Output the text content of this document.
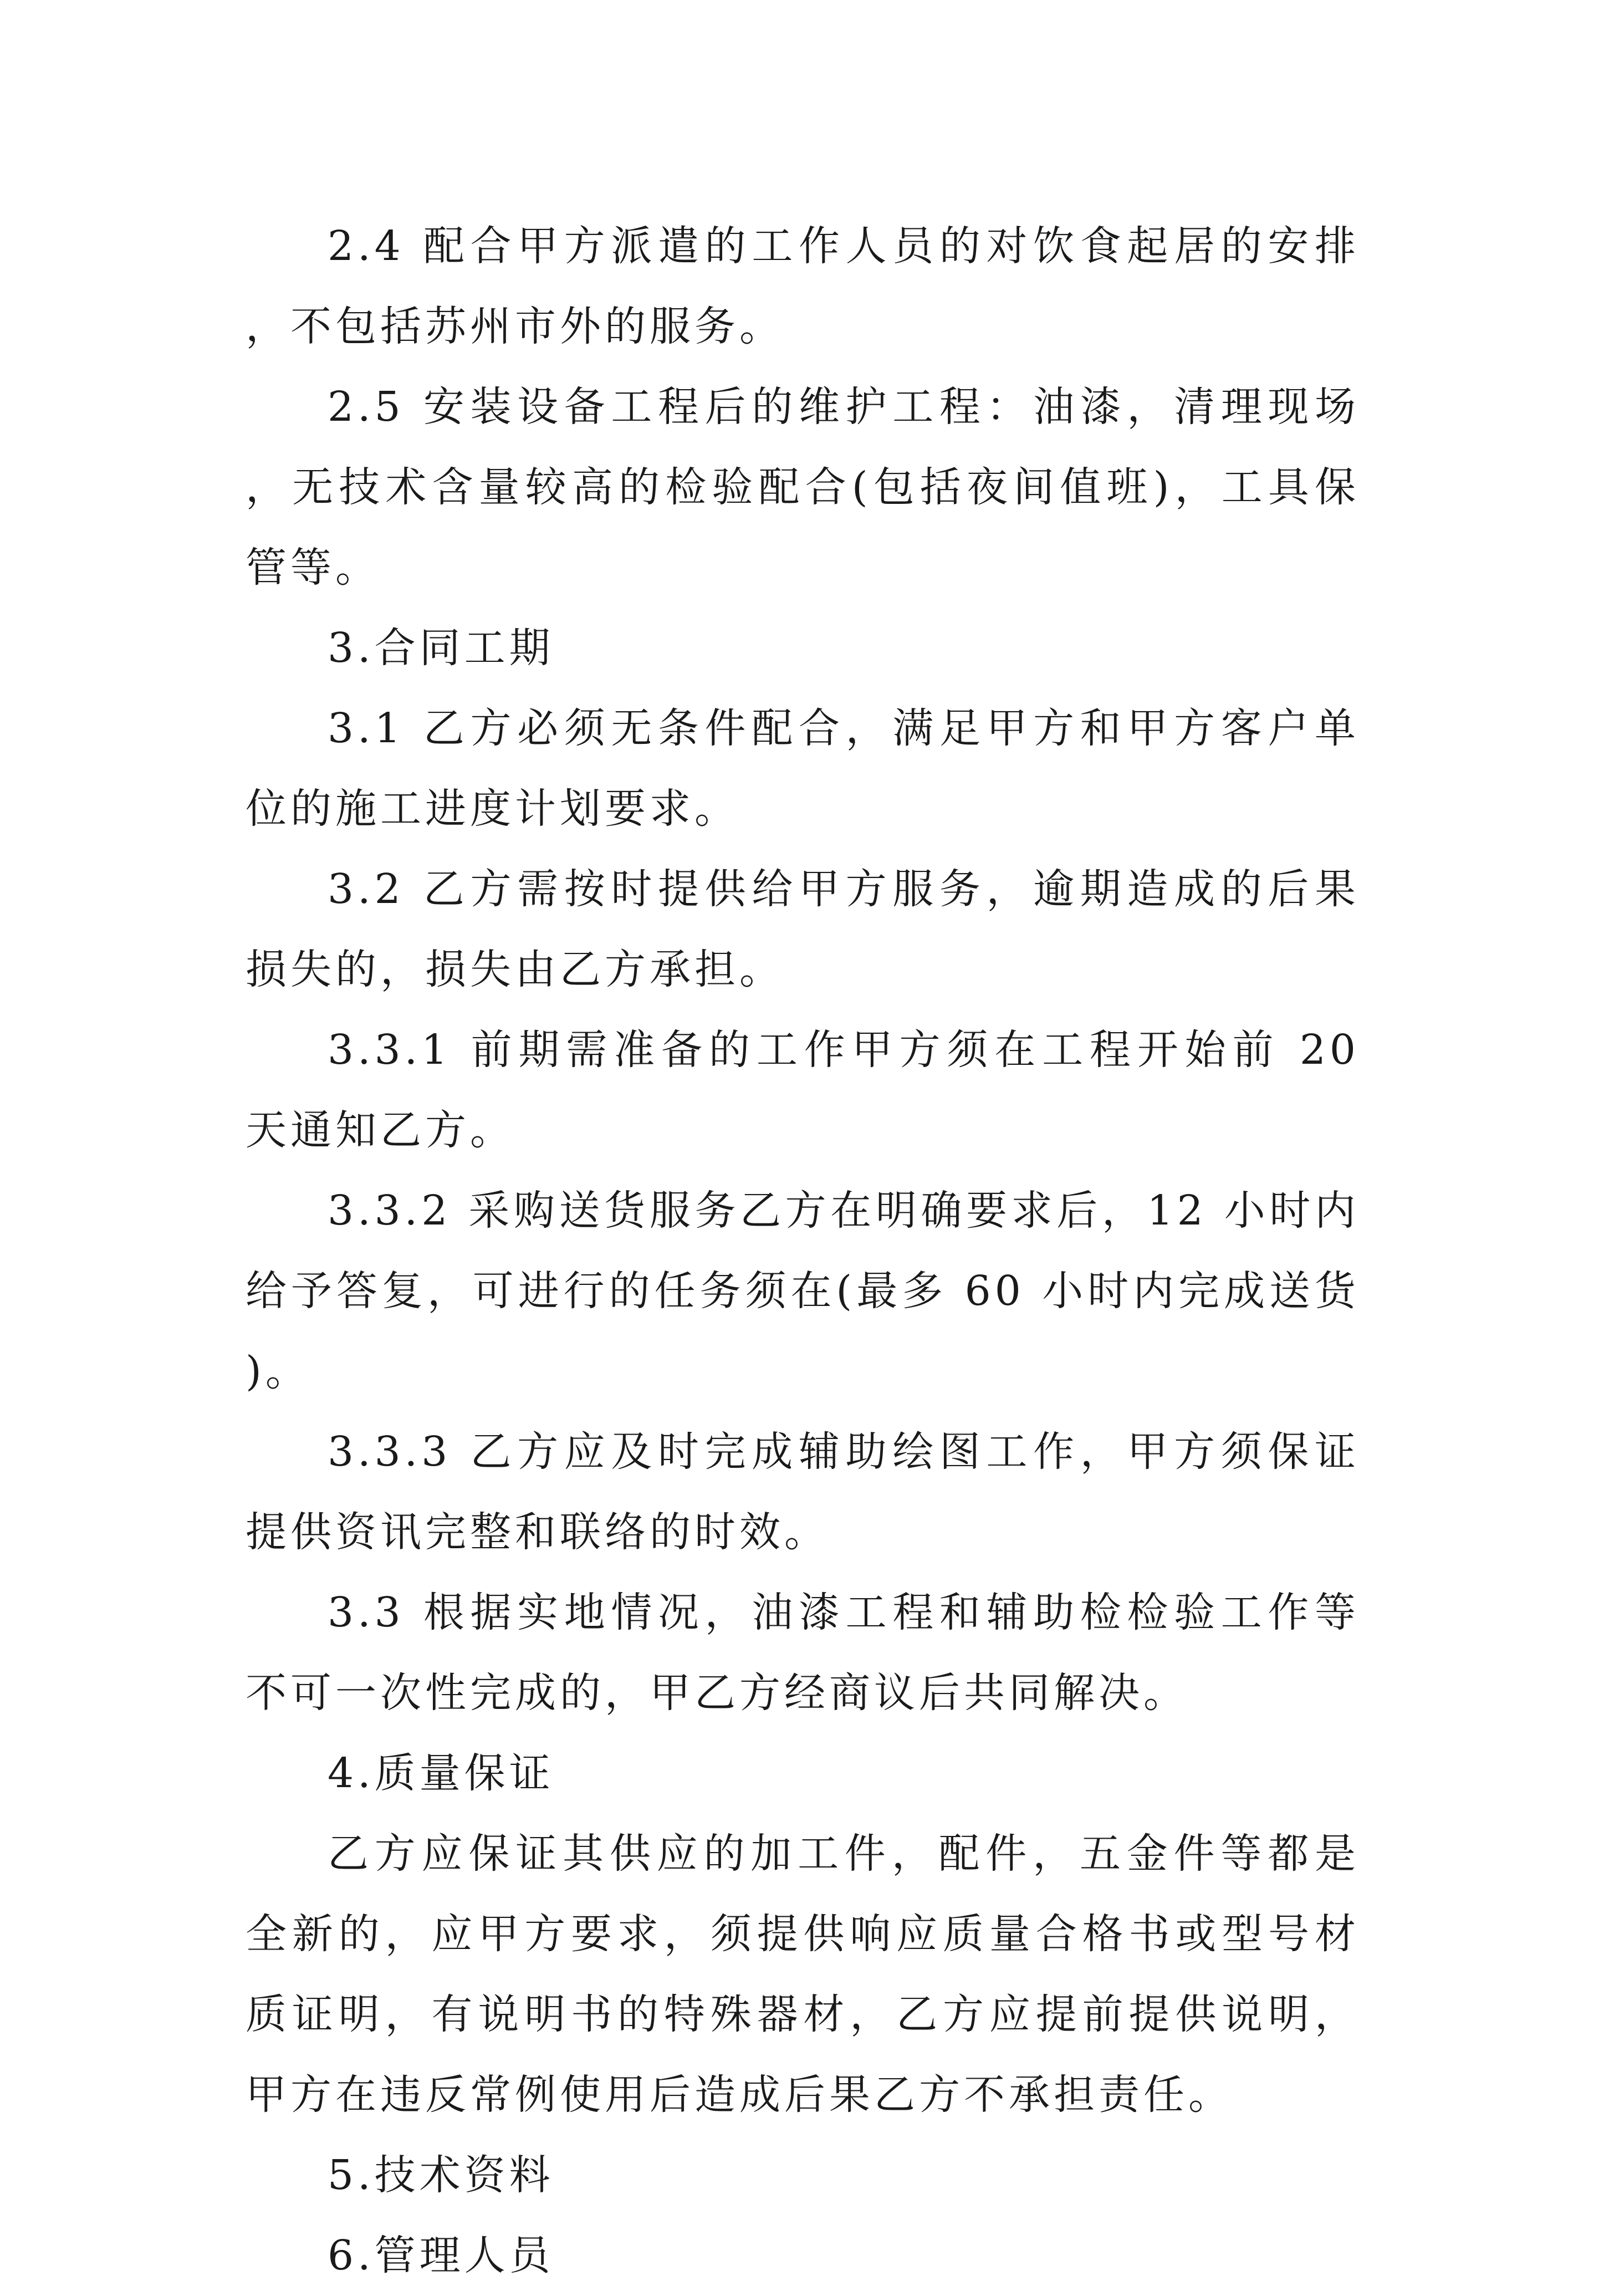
2.4 配合甲方派遣的工作人员的对饮食起居的安排，不包括苏州市外的服务。

2.5 安装设备工程后的维护工程：油漆，清理现场，无技术含量较高的检验配合(包括夜间值班)，工具保管等。

3.合同工期

3.1 乙方必须无条件配合，满足甲方和甲方客户单位的施工进度计划要求。

3.2 乙方需按时提供给甲方服务，逾期造成的后果损失的，损失由乙方承担。

3.3.1 前期需准备的工作甲方须在工程开始前 20 天通知乙方。

3.3.2 采购送货服务乙方在明确要求后，12 小时内给予答复，可进行的任务须在(最多 60 小时内完成送货)。

3.3.3 乙方应及时完成辅助绘图工作，甲方须保证提供资讯完整和联络的时效。

3.3 根据实地情况，油漆工程和辅助检检验工作等不可一次性完成的，甲乙方经商议后共同解决。

4.质量保证

乙方应保证其供应的加工件，配件，五金件等都是全新的，应甲方要求，须提供响应质量合格书或型号材质证明，有说明书的特殊器材，乙方应提前提供说明，甲方在违反常例使用后造成后果乙方不承担责任。

5.技术资料

6.管理人员
